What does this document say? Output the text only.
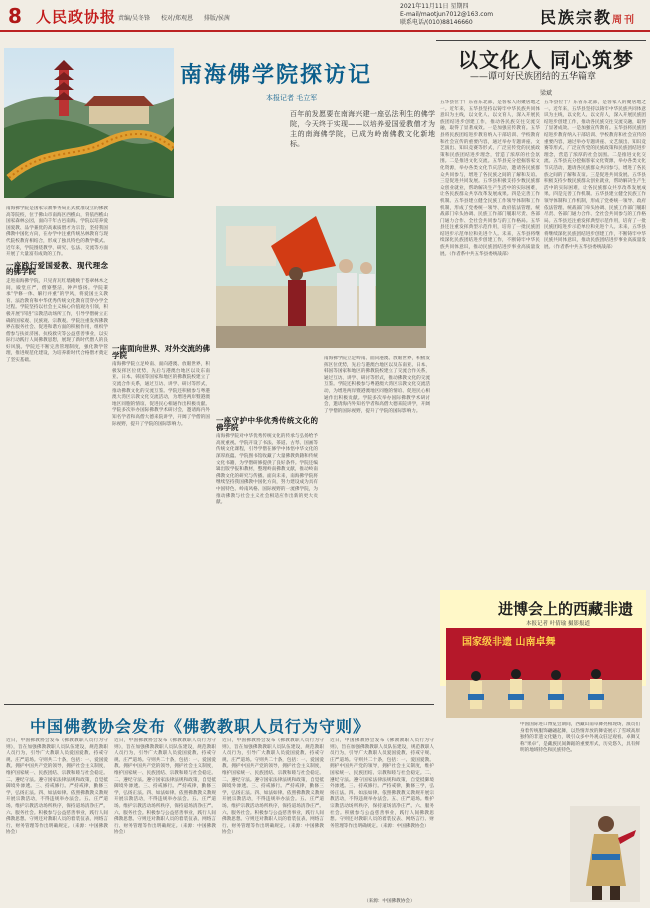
8 人民政协报 责编/吴冬锋 校对/郑观恩 排版/侯茜
2021年11月11日 星期四
E-mail/maotjun7012@163.com
联系电话/(010)88146660	民族宗教周刊
南海佛学院探访记
本报记者 毛立军
百年前发愿要在南海兴建一座弘法利生的佛学院，今天终于实现——以培养爱国爱教僧才为主的南海佛学院，已成为岭南佛教文化新地标。
南海佛学院是国家宗教事务局正式批准设立的佛教高等院校，位于佛山市南海区西樵山，背依西樵山国家森林公园，面向千年古邑南海。学院以培养爱国爱教、品学兼优的高素质僧才为宗旨，坚持我国佛教中国化方向，在办学中注重传统丛林教育与现代院校教育相结合，形成了独具特色的教学模式。近年来，学院围绕教学、研究、弘法、交流等方面开展了大量富有成效的工作。
一座践行爱国爱教、现代理念的佛学院
走进南海佛学院，只见青瓦红墙掩映于苍翠林木之间，殿堂庄严，僧寮整洁，钟声悠扬。学院秉承“学修一体、解行并重”的学风，将爱国主义教育、法治教育和中华优秀传统文化教育贯穿办学全过程。学院坚持以社会主义核心价值观为引领，积极开展“四进”宗教活动场所工作，引导学僧树立正确的国家观、民族观、宗教观。学院注重发挥佛教界在服务社会、促进和谐方面的积极作用，组织学僧参与扶贫济困、抗疫救灾等公益慈善事业，以实际行动践行人间佛教思想，展现了新时代僧人的良好风貌。学院还不断完善管理制度，强化教学管理，推进规范化建设，为培养新时代合格僧才奠定了坚实基础。
一座面向世界、对外交流的佛学院
南海佛学院立足岭南、面向港澳、放眼世界，积极发挥区位优势，先后与港澳台地区以及东南亚、日本、韩国等国家和地区的佛教院校建立了交流合作关系，通过互访、讲学、研讨等形式，推动佛教文化的交流互鉴。学院还积极参与粤港澳大湾区宗教文化交流活动，为增进两岸暨港澳地区同胞的情谊、促进民心相通作出积极贡献。学院多次举办国际佛教学术研讨会，邀请海内外知名学者和高僧大德来院讲学，开阔了学僧的国际视野，提升了学院的国际影响力。	一座守护中华优秀传统文化的佛学院
南海佛学院对中华优秀传统文化的传承与弘扬给予高度重视。学院开设了书法、茶道、古琴、国画等传统文化课程，引导学僧在修学中体悟中华文化的深厚底蕴。学院图书馆收藏了大量佛教典籍和传统文化书籍，为学僧研修提供了良好条件。学院还编辑出版学报和教材，整理岭南佛教文献，推动岭南佛教文化的研究与传播。面向未来，南海佛学院将继续坚持我国佛教中国化方向，努力建设成为具有中国特色、岭南风格、国际视野的一流佛学院，为推动佛教与社会主义社会相适应作出新的更大贡献。
南海佛学院立足岭南、面向港澳、放眼世界，积极发挥区位优势，先后与港澳台地区以及东南亚、日本、韩国等国家和地区的佛教院校建立了交流合作关系，通过互访、讲学、研讨等形式，推动佛教文化的交流互鉴。学院还积极参与粤港澳大湾区宗教文化交流活动，为增进两岸暨港澳地区同胞的情谊、促进民心相通作出积极贡献。学院多次举办国际佛教学术研讨会，邀请海内外知名学者和高僧大德来院讲学，开阔了学僧的国际视野，提升了学院的国际影响力。
以文化人 同心筑梦
——谭可好民族团结的五华篇章
梁斌
五华县位于广东省东北部，是客家人的聚居地之一。近年来，五华县坚持以铸牢中华民族共同体意识为主线，以文化人、以文育人，深入开展民族团结进步创建工作，推动各民族交往交流交融，取得了显著成效。一是加强宣传教育。五华县将民族团结进步教育纳入干部培训、学校教育和社会宣传的重要内容，通过举办专题讲座、文艺演出、知识竞赛等形式，广泛宣传党的民族政策和民族团结进步理念，营造了浓厚的社会氛围。二是推进文化交流。五华县充分挖掘客家文化资源，举办各类文化节庆活动，邀请各民族群众共同参与，增进了各民族之间的了解和友谊。三是促进共同发展。五华县积极支持少数民族群众创业就业，帮助解决生产生活中的实际困难，让各民族群众共享改革发展成果。四是完善工作机制。五华县建立健全民族工作领导体制和工作机制，形成了党委统一领导、政府依法管理、统战部门牵头协调、民族工作部门履职尽责、各部门通力合作、全社会共同参与的工作格局。五华县还注重发挥典型示范作用，培育了一批民族团结进步示范单位和先进个人。未来，五华县将继续深化民族团结进步创建工作，不断铸牢中华民族共同体意识，推动民族团结进步事业高质量发展。（作者系中共五华县委统战部）
五华县位于广东省东北部，是客家人的聚居地之一。近年来，五华县坚持以铸牢中华民族共同体意识为主线，以文化人、以文育人，深入开展民族团结进步创建工作，推动各民族交往交流交融，取得了显著成效。一是加强宣传教育。五华县将民族团结进步教育纳入干部培训、学校教育和社会宣传的重要内容，通过举办专题讲座、文艺演出、知识竞赛等形式，广泛宣传党的民族政策和民族团结进步理念，营造了浓厚的社会氛围。二是推进文化交流。五华县充分挖掘客家文化资源，举办各类文化节庆活动，邀请各民族群众共同参与，增进了各民族之间的了解和友谊。三是促进共同发展。五华县积极支持少数民族群众创业就业，帮助解决生产生活中的实际困难，让各民族群众共享改革发展成果。四是完善工作机制。五华县建立健全民族工作领导体制和工作机制，形成了党委统一领导、政府依法管理、统战部门牵头协调、民族工作部门履职尽责、各部门通力合作、全社会共同参与的工作格局。五华县还注重发挥典型示范作用，培育了一批民族团结进步示范单位和先进个人。未来，五华县将继续深化民族团结进步创建工作，不断铸牢中华民族共同体意识，推动民族团结进步事业高质量发展。（作者系中共五华县委统战部）
进博会上的西藏非遗
本报记者 叶倩瑜 摄影报道
国家级非遗 山南卓舞
中国佛教协会发布《佛教教职人员行为守则》
近日，中国佛教协会发布《佛教教职人员行为守则》，旨在加强佛教教职人员队伍建设，规范教职人员行为，引导广大教职人员爱国爱教、持戒守规、庄严道场。守则共二十条，包括：一、爱国爱教。拥护中国共产党的领导，拥护社会主义制度，维护国家统一、民族团结、宗教和睦与社会稳定。二、遵纪守法。遵守国家法律法规和政策，自觉抵御境外渗透。三、持戒修行。严持戒律，勤修三学，弘扬正法。四、如法如律。依照佛教教义教规开展宗教活动，不得违规举办法会。五、庄严道场。维护宗教活动场所秩序，保持道场清净庄严。六、服务社会。积极参与公益慈善事业，践行人间佛教思想。守则还对教职人员的着装仪表、网络言行、财务管理等作出明确规定。（来源：中国佛教协会）
近日，中国佛教协会发布《佛教教职人员行为守则》，旨在加强佛教教职人员队伍建设，规范教职人员行为，引导广大教职人员爱国爱教、持戒守规、庄严道场。守则共二十条，包括：一、爱国爱教。拥护中国共产党的领导，拥护社会主义制度，维护国家统一、民族团结、宗教和睦与社会稳定。二、遵纪守法。遵守国家法律法规和政策，自觉抵御境外渗透。三、持戒修行。严持戒律，勤修三学，弘扬正法。四、如法如律。依照佛教教义教规开展宗教活动，不得违规举办法会。五、庄严道场。维护宗教活动场所秩序，保持道场清净庄严。六、服务社会。积极参与公益慈善事业，践行人间佛教思想。守则还对教职人员的着装仪表、网络言行、财务管理等作出明确规定。（来源：中国佛教协会）
近日，中国佛教协会发布《佛教教职人员行为守则》，旨在加强佛教教职人员队伍建设，规范教职人员行为，引导广大教职人员爱国爱教、持戒守规、庄严道场。守则共二十条，包括：一、爱国爱教。拥护中国共产党的领导，拥护社会主义制度，维护国家统一、民族团结、宗教和睦与社会稳定。二、遵纪守法。遵守国家法律法规和政策，自觉抵御境外渗透。三、持戒修行。严持戒律，勤修三学，弘扬正法。四、如法如律。依照佛教教义教规开展宗教活动，不得违规举办法会。五、庄严道场。维护宗教活动场所秩序，保持道场清净庄严。六、服务社会。积极参与公益慈善事业，践行人间佛教思想。守则还对教职人员的着装仪表、网络言行、财务管理等作出明确规定。（来源：中国佛教协会）
近日，中国佛教协会发布《佛教教职人员行为守则》，旨在加强佛教教职人员队伍建设，规范教职人员行为，引导广大教职人员爱国爱教、持戒守规、庄严道场。守则共二十条，包括：一、爱国爱教。拥护中国共产党的领导，拥护社会主义制度，维护国家统一、民族团结、宗教和睦与社会稳定。二、遵纪守法。遵守国家法律法规和政策，自觉抵御境外渗透。三、持戒修行。严持戒律，勤修三学，弘扬正法。四、如法如律。依照佛教教义教规开展宗教活动，不得违规举办法会。五、庄严道场。维护宗教活动场所秩序，保持道场清净庄严。六、服务社会。积极参与公益慈善事业，践行人间佛教思想。守则还对教职人员的着装仪表、网络言行、财务管理等作出明确规定。（来源：中国佛教协会）
（来源：中国佛教协会）
中国国际进口博览会期间，西藏山南卓舞亮相现场，演员们身着传统服饰翩翩起舞，以热情奔放的舞姿展示了雪域高原独特的非遗文化魅力，吸引众多中外观众驻足观看。卓舞又称“果卓”，是藏族民间舞蹈的重要形式，历史悠久，具有鲜明的地域特色和民族特色。
